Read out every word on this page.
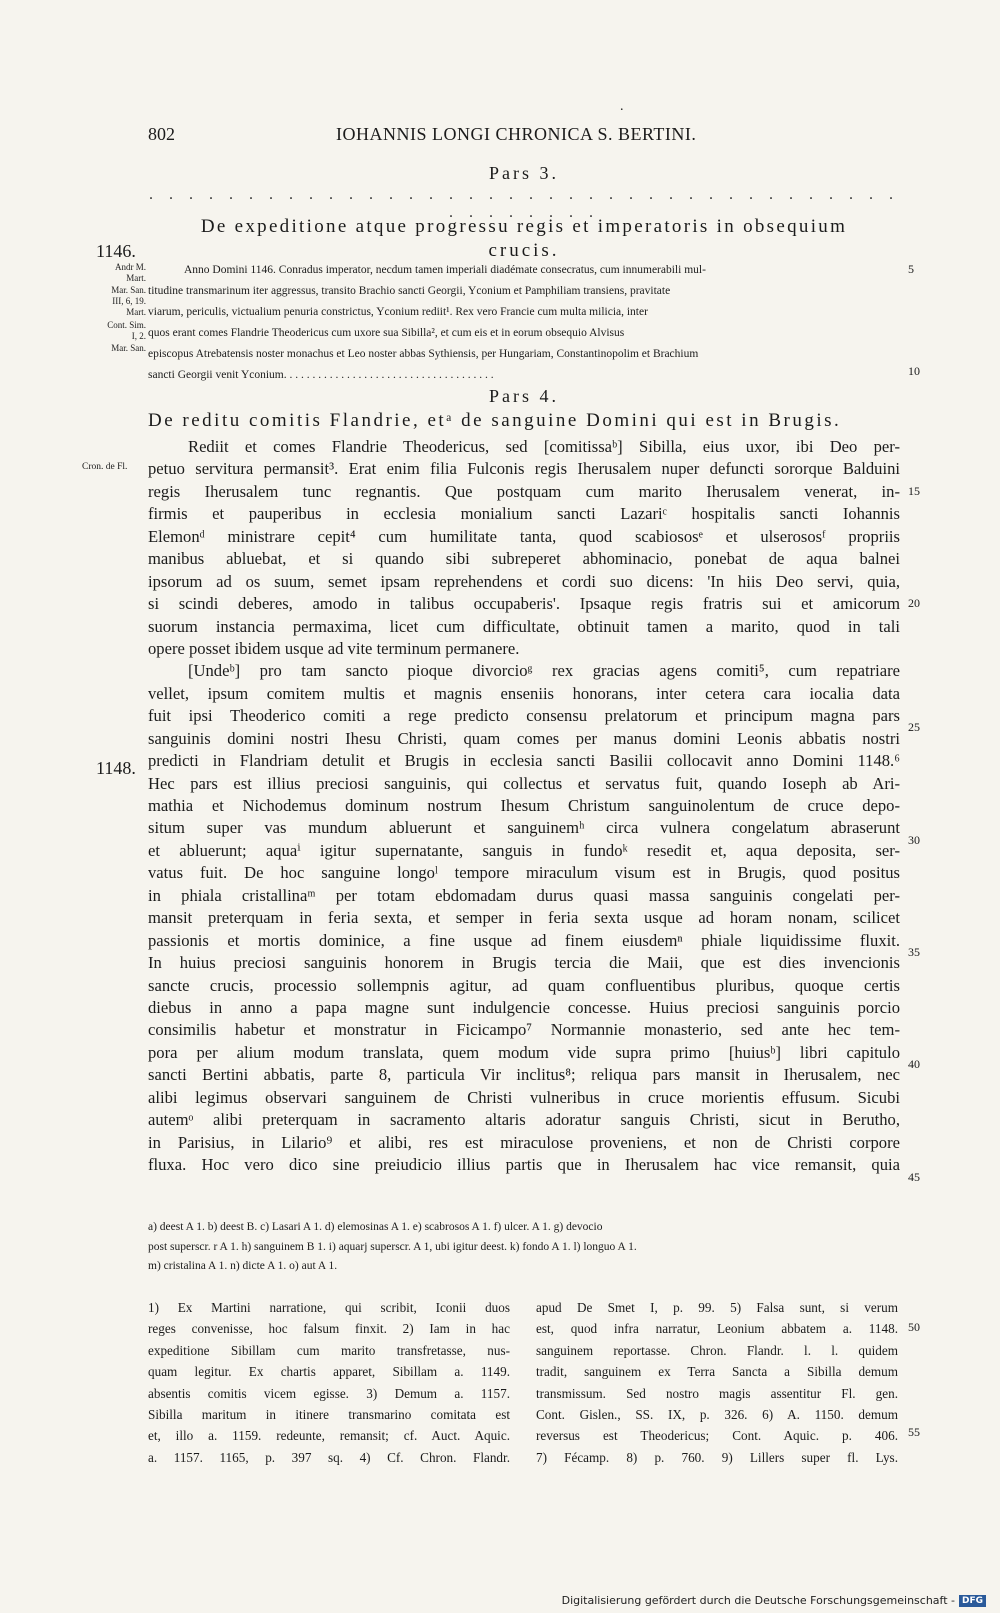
.
802	IOHANNIS LONGI CHRONICA S. BERTINI.
Pars 3.
. . . . . . . . . . . . . . . . . . . . . . . . . . . . . . . . . . . . . . . . . . . . . .
De expeditione atque progressu regis et imperatoris in obsequium
crucis.
1146.
Andr M.
Mart.
Mar. San.
III, 6, 19.
Mart.
Cont. Sim.
I, 2.
Mar. San.

Anno Domini 1146. Conradus imperator, necdum tamen imperiali diadémate consecratus, cum innumerabili mul-

titudine transmarinum iter aggressus, transito Brachio sancti Georgii, Yconium et Pamphiliam transiens, pravitate

viarum, periculis, victualium penuria constrictus, Yconium rediit¹. Rex vero Francie cum multa milicia, inter

quos erant comes Flandrie Theodericus cum uxore sua Sibilla², et cum eis et in eorum obsequio Alvisus

episcopus Atrebatensis noster monachus et Leo noster abbas Sythiensis, per Hungariam, Constantinopolim et Brachium

sancti Georgii venit Yconium. . . . . . . . . . . . . . . . . . . . . . . . . . . . . . . . . . . . .

5
10
Pars 4.
De reditu comitis Flandrie, etᵃ de sanguine Domini qui est in Brugis.
Cron. de Fl.
1148.

Rediit et comes Flandrie Theodericus, sed [comitissaᵇ] Sibilla, eius uxor, ibi Deo per-

petuo servitura permansit³. Erat enim filia Fulconis regis Iherusalem nuper defuncti sororque Balduini

regis Iherusalem tunc regnantis. Que postquam cum marito Iherusalem venerat, in-

firmis et pauperibus in ecclesia monialium sancti Lazariᶜ hospitalis sancti Iohannis

Elemonᵈ ministrare cepit⁴ cum humilitate tanta, quod scabiososᵉ et ulserososᶠ propriis

manibus abluebat, et si quando sibi subreperet abhominacio, ponebat de aqua balnei

ipsorum ad os suum, semet ipsam reprehendens et cordi suo dicens: 'In hiis Deo servi, quia,

si scindi deberes, amodo in talibus occupaberis'. Ipsaque regis fratris sui et amicorum

suorum instancia permaxima, licet cum difficultate, obtinuit tamen a marito, quod in tali

opere posset ibidem usque ad vite terminum permanere.

[Undeᵇ] pro tam sancto pioque divorcioᵍ rex gracias agens comiti⁵, cum repatriare

vellet, ipsum comitem multis et magnis enseniis honorans, inter cetera cara iocalia data

fuit ipsi Theoderico comiti a rege predicto consensu prelatorum et principum magna pars

sanguinis domini nostri Ihesu Christi, quam comes per manus domini Leonis abbatis nostri

predicti in Flandriam detulit et Brugis in ecclesia sancti Basilii collocavit anno Domini 1148.⁶

Hec pars est illius preciosi sanguinis, qui collectus et servatus fuit, quando Ioseph ab Ari-

mathia et Nichodemus dominum nostrum Ihesum Christum sanguinolentum de cruce depo-

situm super vas mundum abluerunt et sanguinemʰ circa vulnera congelatum abraserunt

et abluerunt; aquaⁱ igitur supernatante, sanguis in fundoᵏ resedit et, aqua deposita, ser-

vatus fuit. De hoc sanguine longoˡ tempore miraculum visum est in Brugis, quod positus

in phiala cristallinaᵐ per totam ebdomadam durus quasi massa sanguinis congelati per-

mansit preterquam in feria sexta, et semper in feria sexta usque ad horam nonam, scilicet

passionis et mortis dominice, a fine usque ad finem eiusdemⁿ phiale liquidissime fluxit.

In huius preciosi sanguinis honorem in Brugis tercia die Maii, que est dies invencionis

sancte crucis, processio sollempnis agitur, ad quam confluentibus pluribus, quoque certis

diebus in anno a papa magne sunt indulgencie concesse. Huius preciosi sanguinis porcio

consimilis habetur et monstratur in Ficicampo⁷ Normannie monasterio, sed ante hec tem-

pora per alium modum translata, quem modum vide supra primo [huiusᵇ] libri capitulo

sancti Bertini abbatis, parte 8, particula Vir inclitus⁸; reliqua pars mansit in Iherusalem, nec

alibi legimus observari sanguinem de Christi vulneribus in cruce morientis effusum. Sicubi

autemᵒ alibi preterquam in sacramento altaris adoratur sanguis Christi, sicut in Berutho,

in Parisius, in Lilario⁹ et alibi, res est miraculose proveniens, et non de Christi corpore

fluxa. Hoc vero dico sine preiudicio illius partis que in Iherusalem hac vice remansit, quia

15
20
25
30
35
40
45

a) deest A 1. b) deest B. c) Lasari A 1. d) elemosinas A 1. e) scabrosos A 1. f) ulcer. A 1. g) devocio

post superscr. r A 1. h) sanguinem B 1. i) aquarj superscr. A 1, ubi igitur deest. k) fondo A 1. l) longuo A 1.

m) cristalina A 1. n) dicte A 1. o) aut A 1.

1) Ex Martini narratione, qui scribit, Iconii duos

reges convenisse, hoc falsum finxit. 2) Iam in hac

expeditione Sibillam cum marito transfretasse, nus-

quam legitur. Ex chartis apparet, Sibillam a. 1149.

absentis comitis vicem egisse. 3) Demum a. 1157.

Sibilla maritum in itinere transmarino comitata est

et, illo a. 1159. redeunte, remansit; cf. Auct. Aquic.

a. 1157. 1165, p. 397 sq. 4) Cf. Chron. Flandr.

apud De Smet I, p. 99. 5) Falsa sunt, si verum

est, quod infra narratur, Leonium abbatem a. 1148.

sanguinem reportasse. Chron. Flandr. l. l. quidem

tradit, sanguinem ex Terra Sancta a Sibilla demum

transmissum. Sed nostro magis assentitur Fl. gen.

Cont. Gislen., SS. IX, p. 326. 6) A. 1150. demum

reversus est Theodericus; Cont. Aquic. p. 406.

7) Fécamp. 8) p. 760. 9) Lillers super fl. Lys.

50
55
Digitalisierung gefördert durch die Deutsche Forschungsgemeinschaft - DFG
